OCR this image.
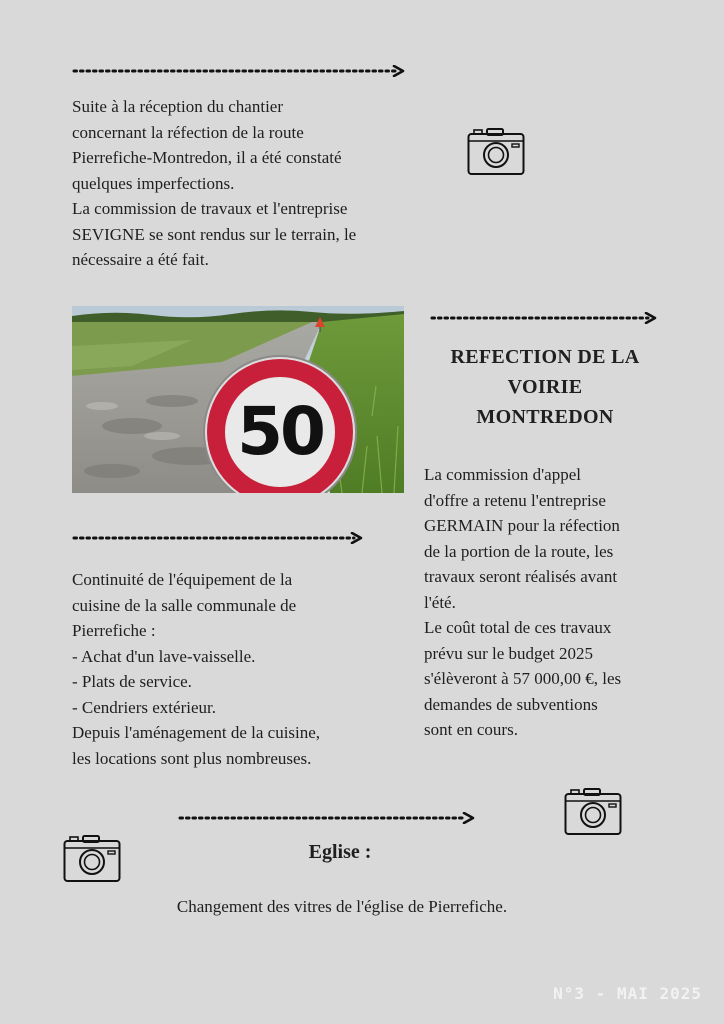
Suite à la réception du chantier
concernant la réfection de la route
Pierrefiche-Montredon, il a été constaté
quelques imperfections.
La commission de travaux et l'entreprise
SEVIGNE se sont rendus sur le terrain, le
nécessaire a été fait.

50
REFECTION DE LA
VOIRIE
MONTREDON

La commission d'appel
d'offre a retenu l'entreprise
GERMAIN pour la réfection
de la portion de la route, les
travaux seront réalisés avant
l'été.
Le coût total de ces travaux
prévu sur le budget 2025
s'élèveront à 57 000,00 €, les
demandes de subventions
sont en cours.

Continuité de l'équipement de la
cuisine de la salle communale de
Pierrefiche :
- Achat d'un lave-vaisselle.
- Plats de service.
- Cendriers extérieur.
Depuis l'aménagement de la cuisine,
les locations sont plus nombreuses.

Eglise :

Changement des vitres de l'église de Pierrefiche.

N°3 - MAI 2025
